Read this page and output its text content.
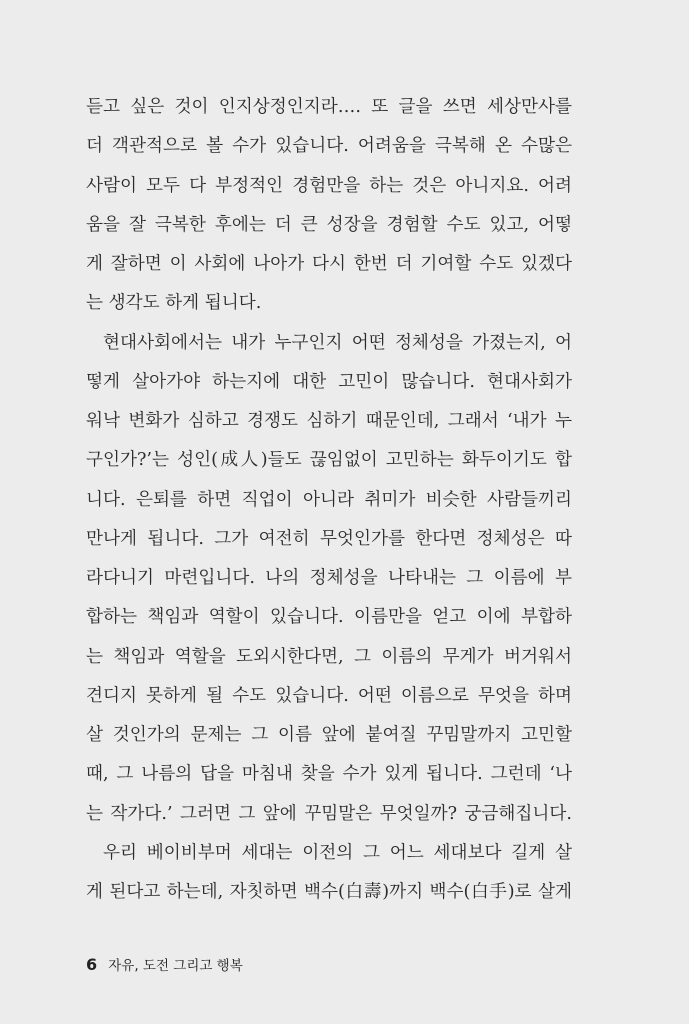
듣고 싶은 것이 인지상정인지라…. 또 글을 쓰면 세상만사를
더 객관적으로 볼 수가 있습니다. 어려움을 극복해 온 수많은
사람이 모두 다 부정적인 경험만을 하는 것은 아니지요. 어려
움을 잘 극복한 후에는 더 큰 성장을 경험할 수도 있고, 어떻
게 잘하면 이 사회에 나아가 다시 한번 더 기여할 수도 있겠다
는 생각도 하게 됩니다.
현대사회에서는 내가 누구인지 어떤 정체성을 가졌는지, 어
떻게 살아가야 하는지에 대한 고민이 많습니다. 현대사회가
워낙 변화가 심하고 경쟁도 심하기 때문인데, 그래서 ‘내가 누
구인가?’는 성인(成人)들도 끊임없이 고민하는 화두이기도 합
니다. 은퇴를 하면 직업이 아니라 취미가 비슷한 사람들끼리
만나게 됩니다. 그가 여전히 무엇인가를 한다면 정체성은 따
라다니기 마련입니다. 나의 정체성을 나타내는 그 이름에 부
합하는 책임과 역할이 있습니다. 이름만을 얻고 이에 부합하
는 책임과 역할을 도외시한다면, 그 이름의 무게가 버거워서
견디지 못하게 될 수도 있습니다. 어떤 이름으로 무엇을 하며
살 것인가의 문제는 그 이름 앞에 붙여질 꾸밈말까지 고민할
때, 그 나름의 답을 마침내 찾을 수가 있게 됩니다. 그런데 ‘나
는 작가다.’ 그러면 그 앞에 꾸밈말은 무엇일까? 궁금해집니다.
우리 베이비부머 세대는 이전의 그 어느 세대보다 길게 살
게 된다고 하는데, 자칫하면 백수(白壽)까지 백수(白手)로 살게
6 자유, 도전 그리고 행복
